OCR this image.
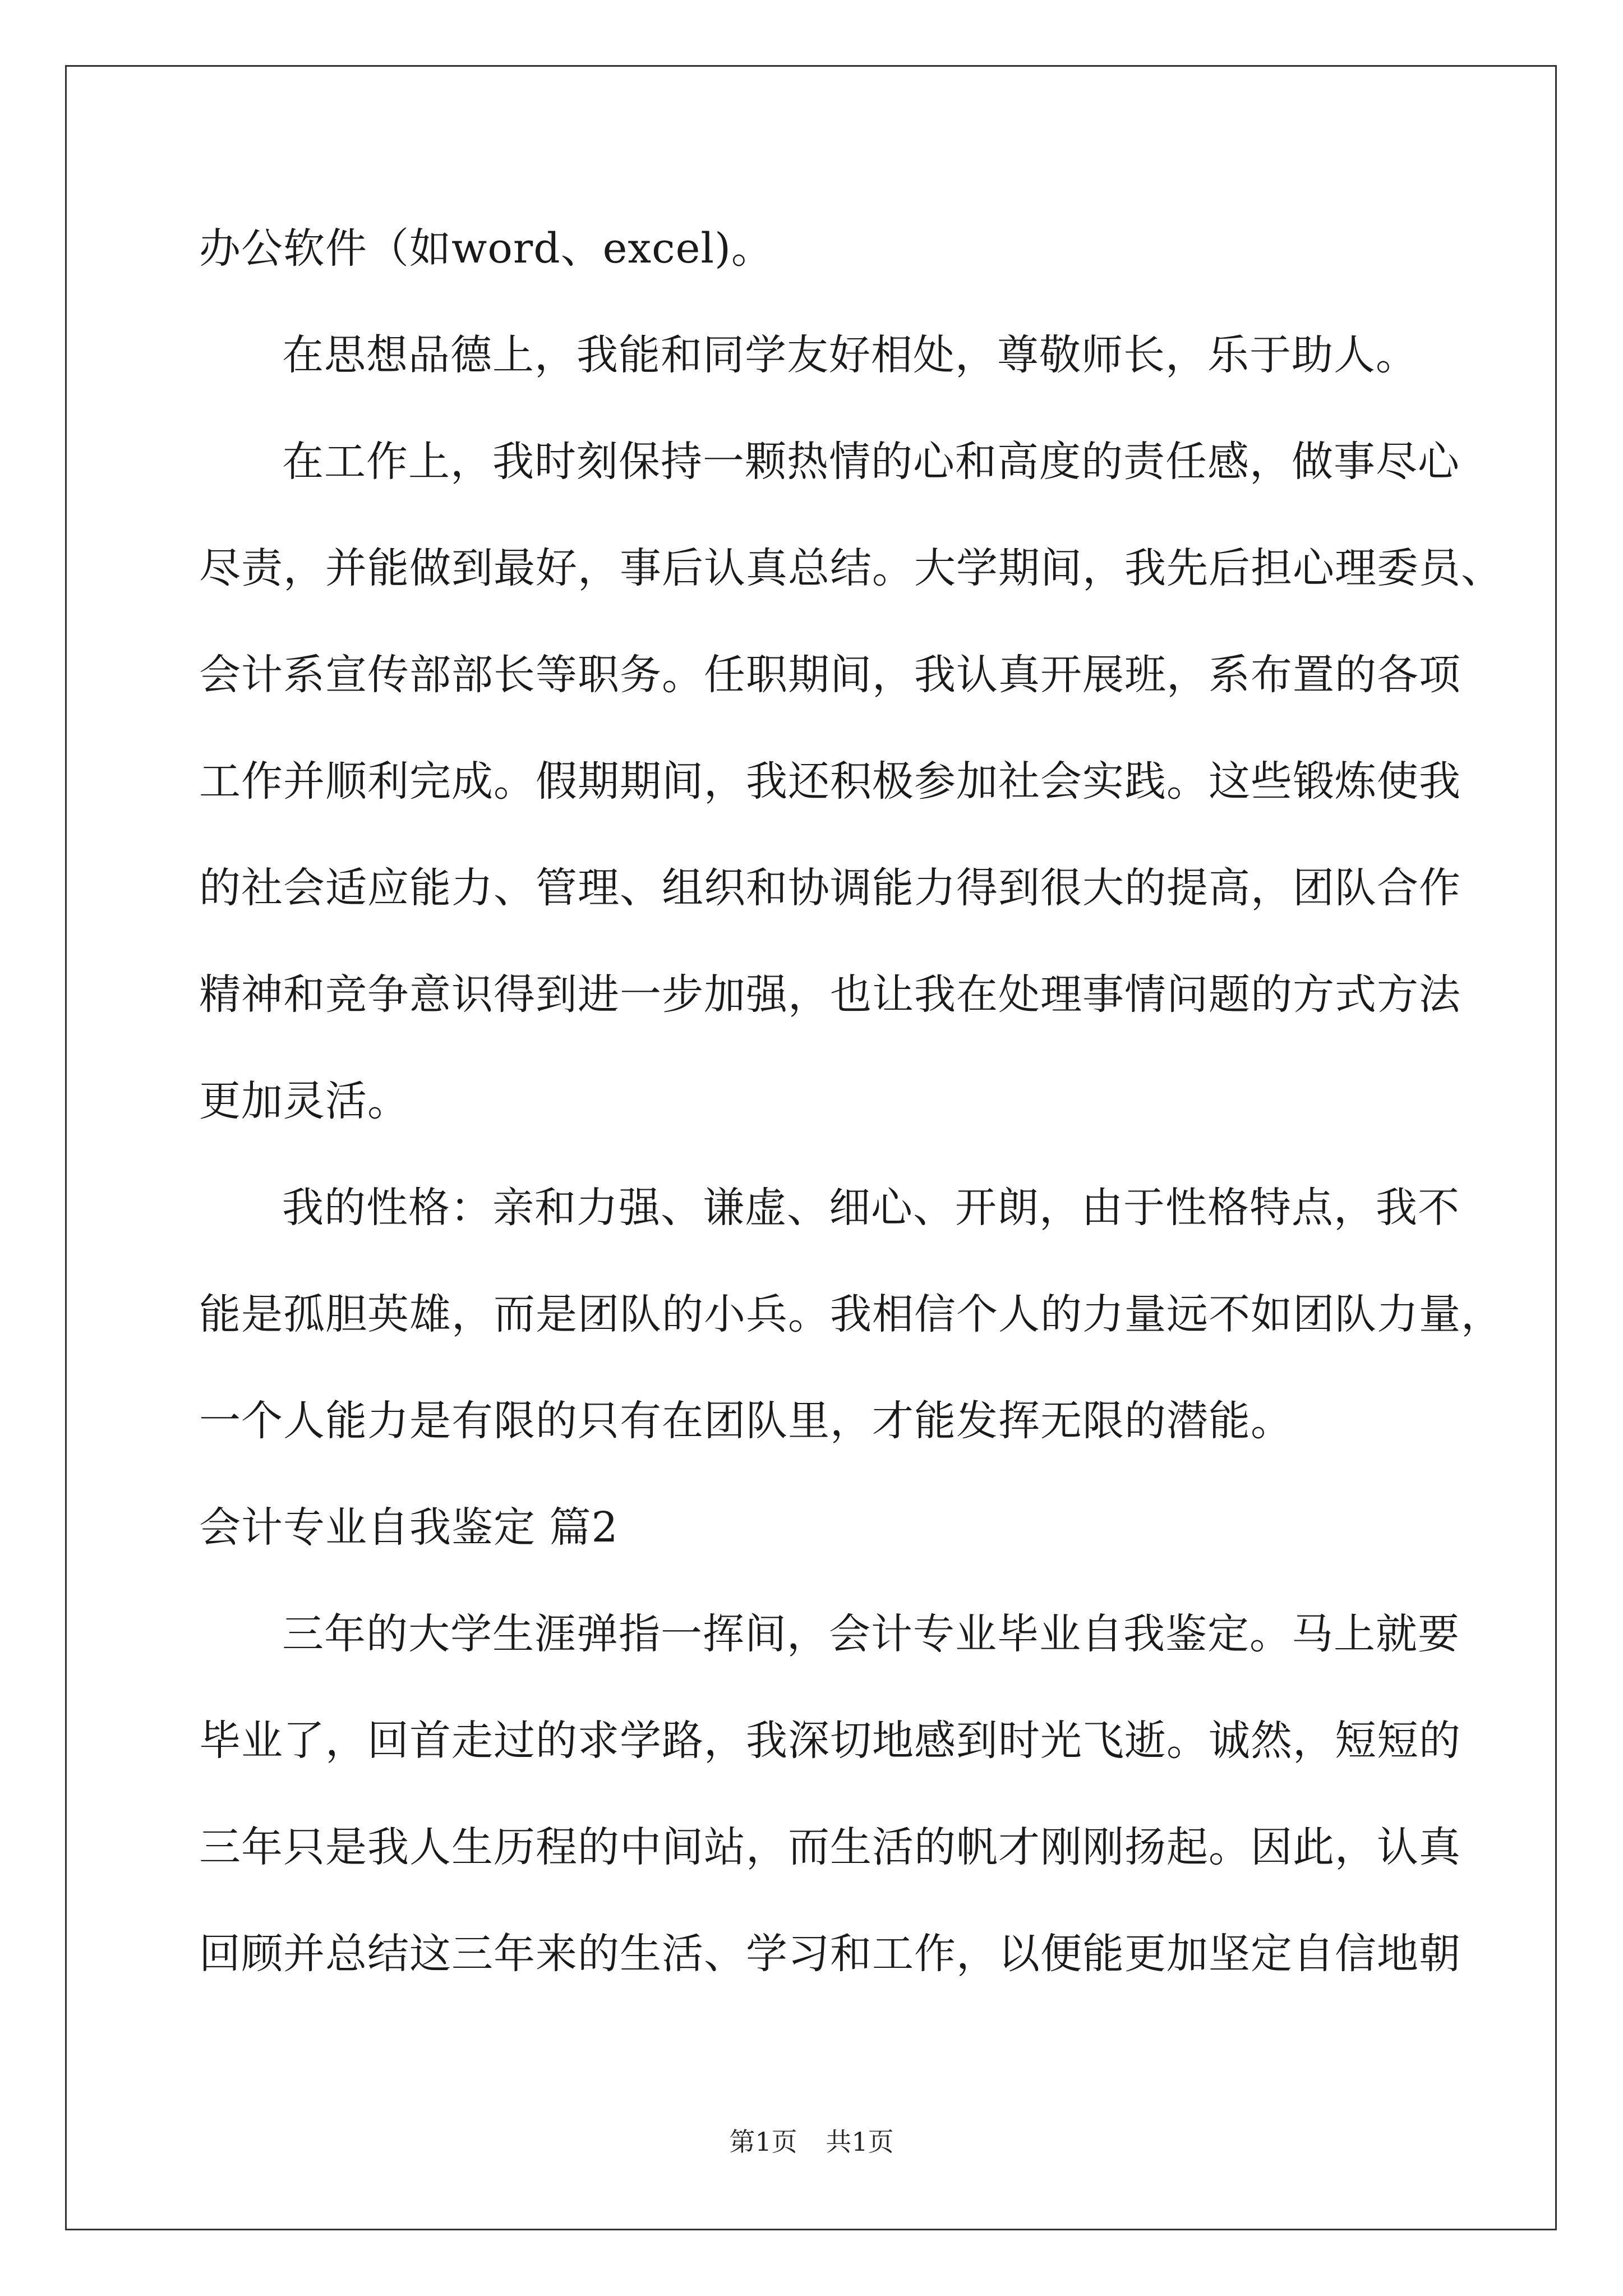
办公软件（如word、excel)。
在思想品德上，我能和同学友好相处，尊敬师长，乐于助人。
在工作上，我时刻保持一颗热情的心和高度的责任感，做事尽心
尽责，并能做到最好，事后认真总结。大学期间，我先后担心理委员、
会计系宣传部部长等职务。任职期间，我认真开展班，系布置的各项
工作并顺利完成。假期期间，我还积极参加社会实践。这些锻炼使我
的社会适应能力、管理、组织和协调能力得到很大的提高，团队合作
精神和竞争意识得到进一步加强，也让我在处理事情问题的方式方法
更加灵活。
我的性格：亲和力强、谦虚、细心、开朗，由于性格特点，我不
能是孤胆英雄，而是团队的小兵。我相信个人的力量远不如团队力量，
一个人能力是有限的只有在团队里，才能发挥无限的潜能。
会计专业自我鉴定 篇2
三年的大学生涯弹指一挥间，会计专业毕业自我鉴定。马上就要
毕业了，回首走过的求学路，我深切地感到时光飞逝。诚然，短短的
三年只是我人生历程的中间站，而生活的帆才刚刚扬起。因此，认真
回顾并总结这三年来的生活、学习和工作，以便能更加坚定自信地朝
第1页 共1页
